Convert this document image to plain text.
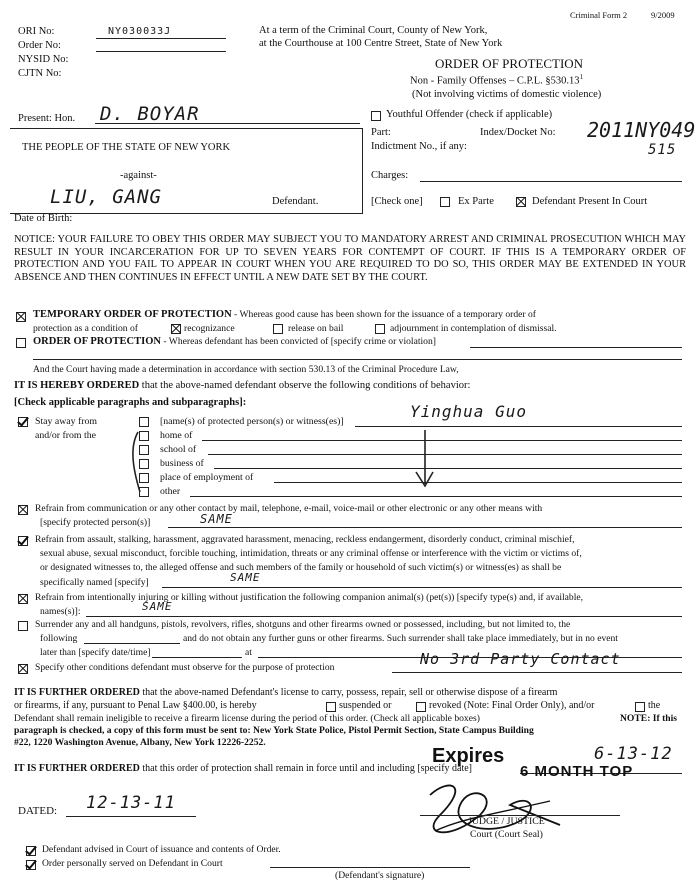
Criminal Form 2	9/2009
ORI No:	NY030033J
Order No:
NYSID No:
CJTN No:
At a term of the Criminal Court, County of New York,
at the Courthouse at 100 Centre Street, State of New York
ORDER OF PROTECTION
Non - Family Offenses – C.P.L. §530.13$^1$
(Not involving victims of domestic violence)
Present: Hon. D. BOYAR
THE PEOPLE OF THE STATE OF NEW YORK
-against-
LIU, GANG	Defendant.
Date of Birth:
Youthful Offender (check if applicable)
Part:	Index/Docket No: 2011NY049
515
Indictment No., if any:
Charges:
[Check one]	Ex Parte	Defendant Present In Court
NOTICE: YOUR FAILURE TO OBEY THIS ORDER MAY SUBJECT YOU TO MANDATORY ARREST AND CRIMINAL PROSECUTION WHICH MAY RESULT IN YOUR INCARCERATION FOR UP TO SEVEN YEARS FOR CONTEMPT OF COURT. IF THIS IS A TEMPORARY ORDER OF PROTECTION AND YOU FAIL TO APPEAR IN COURT WHEN YOU ARE REQUIRED TO DO SO, THIS ORDER MAY BE EXTENDED IN YOUR ABSENCE AND THEN CONTINUES IN EFFECT UNTIL A NEW DATE SET BY THE COURT.
TEMPORARY ORDER OF PROTECTION - Whereas good cause has been shown for the issuance of a temporary order of
protection as a condition of	recognizance	release on bail	adjournment in contemplation of dismissal.
ORDER OF PROTECTION - Whereas defendant has been convicted of [specify crime or violation]
And the Court having made a determination in accordance with section 530.13 of the Criminal Procedure Law,
IT IS HEREBY ORDERED that the above-named defendant observe the following conditions of behavior:
[Check applicable paragraphs and subparagraphs]:
Stay away from
and/or from the
[name(s) of protected person(s) or witness(es)]
Yinghua Guo
home of
school of
business of
place of employment of
other
Refrain from communication or any other contact by mail, telephone, e-mail, voice-mail or other electronic or any other means with
[specify protected person(s)]	SAME
Refrain from assault, stalking, harassment, aggravated harassment, menacing, reckless endangerment, disorderly conduct, criminal mischief,
sexual abuse, sexual misconduct, forcible touching, intimidation, threats or any criminal offense or interference with the victim or victims of,
or designated witnesses to, the alleged offense and such members of the family or household of such victim(s) or witness(es) as shall be
specifically named [specify]	SAME
Refrain from intentionally injuring or killing without justification the following companion animal(s) (pet(s)) [specify type(s) and, if available,
names(s)]:	SAME
Surrender any and all handguns, pistols, revolvers, rifles, shotguns and other firearms owned or possessed, including, but not limited to, the
following	and do not obtain any further guns or other firearms. Such surrender shall take place immediately, but in no event
later than [specify date/time]	at
Specify other conditions defendant must observe for the purpose of protection	No 3rd Party Contact
IT IS FURTHER ORDERED that the above-named Defendant's license to carry, possess, repair, sell or otherwise dispose of a firearm
or firearms, if any, pursuant to Penal Law §400.00, is hereby	suspended or	revoked (Note: Final Order Only), and/or	the
Defendant shall remain ineligible to receive a firearm license during the period of this order. (Check all applicable boxes)	NOTE: If this
paragraph is checked, a copy of this form must be sent to: New York State Police, Pistol Permit Section, State Campus Building
#22, 1220 Washington Avenue, Albany, New York 12226-2252.
IT IS FURTHER ORDERED that this order of protection shall remain in force until and including [specify date]
Expires	6-13-12
6 MONTH TOP
DATED: 12-13-11
JUDGE / JUSTICE
Court (Court Seal)
Defendant advised in Court of issuance and contents of Order.
Order personally served on Defendant in Court
(Defendant's signature)
